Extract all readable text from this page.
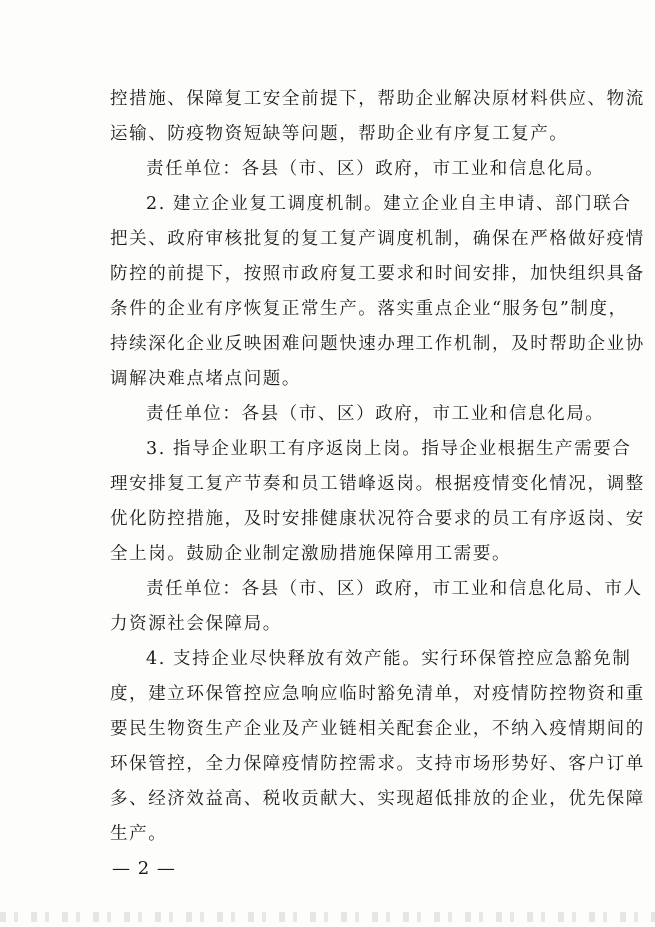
控措施、保障复工安全前提下，帮助企业解决原材料供应、物流
运输、防疫物资短缺等问题，帮助企业有序复工复产。
责任单位：各县（市、区）政府，市工业和信息化局。
2. 建立企业复工调度机制。建立企业自主申请、部门联合
把关、政府审核批复的复工复产调度机制，确保在严格做好疫情
防控的前提下，按照市政府复工要求和时间安排，加快组织具备
条件的企业有序恢复正常生产。落实重点企业“服务包”制度，
持续深化企业反映困难问题快速办理工作机制，及时帮助企业协
调解决难点堵点问题。
责任单位：各县（市、区）政府，市工业和信息化局。
3. 指导企业职工有序返岗上岗。指导企业根据生产需要合
理安排复工复产节奏和员工错峰返岗。根据疫情变化情况，调整
优化防控措施，及时安排健康状况符合要求的员工有序返岗、安
全上岗。鼓励企业制定激励措施保障用工需要。
责任单位：各县（市、区）政府，市工业和信息化局、市人
力资源社会保障局。
4. 支持企业尽快释放有效产能。实行环保管控应急豁免制
度，建立环保管控应急响应临时豁免清单，对疫情防控物资和重
要民生物资生产企业及产业链相关配套企业，不纳入疫情期间的
环保管控，全力保障疫情防控需求。支持市场形势好、客户订单
多、经济效益高、税收贡献大、实现超低排放的企业，优先保障
— 2 —
生产。
